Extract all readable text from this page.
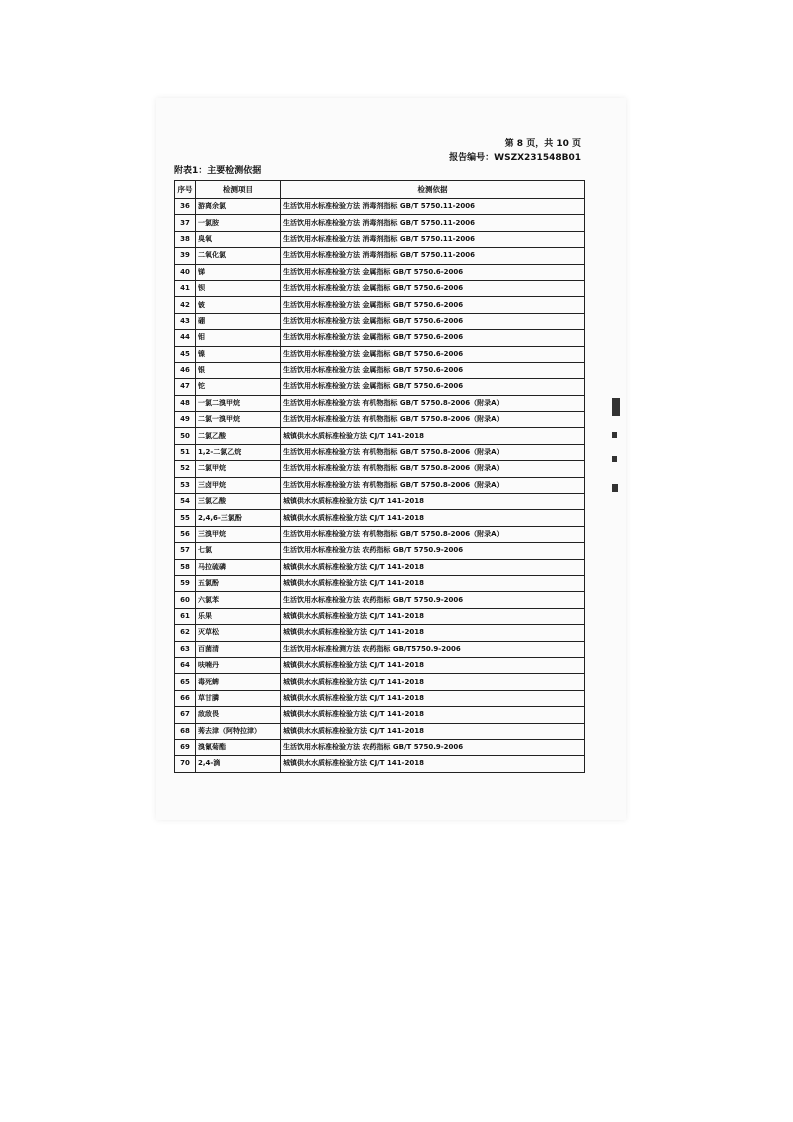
第 8 页，共 10 页
报告编号：WSZX231548B01
附表1：主要检测依据
序号	检测项目	检测依据
36	游离余氯	生活饮用水标准检验方法 消毒剂指标 GB/T 5750.11-2006
37	一氯胺	生活饮用水标准检验方法 消毒剂指标 GB/T 5750.11-2006
38	臭氧	生活饮用水标准检验方法 消毒剂指标 GB/T 5750.11-2006
39	二氧化氯	生活饮用水标准检验方法 消毒剂指标 GB/T 5750.11-2006
40	锑	生活饮用水标准检验方法 金属指标 GB/T 5750.6-2006
41	钡	生活饮用水标准检验方法 金属指标 GB/T 5750.6-2006
42	铍	生活饮用水标准检验方法 金属指标 GB/T 5750.6-2006
43	硼	生活饮用水标准检验方法 金属指标 GB/T 5750.6-2006
44	钼	生活饮用水标准检验方法 金属指标 GB/T 5750.6-2006
45	镍	生活饮用水标准检验方法 金属指标 GB/T 5750.6-2006
46	银	生活饮用水标准检验方法 金属指标 GB/T 5750.6-2006
47	铊	生活饮用水标准检验方法 金属指标 GB/T 5750.6-2006
48	一氯二溴甲烷	生活饮用水标准检验方法 有机物指标 GB/T 5750.8-2006（附录A）
49	二氯一溴甲烷	生活饮用水标准检验方法 有机物指标 GB/T 5750.8-2006（附录A）
50	二氯乙酸	城镇供水水质标准检验方法 CJ/T 141-2018
51	1,2-二氯乙烷	生活饮用水标准检验方法 有机物指标 GB/T 5750.8-2006（附录A）
52	二氯甲烷	生活饮用水标准检验方法 有机物指标 GB/T 5750.8-2006（附录A）
53	三卤甲烷	生活饮用水标准检验方法 有机物指标 GB/T 5750.8-2006（附录A）
54	三氯乙酸	城镇供水水质标准检验方法 CJ/T 141-2018
55	2,4,6-三氯酚	城镇供水水质标准检验方法 CJ/T 141-2018
56	三溴甲烷	生活饮用水标准检验方法 有机物指标 GB/T 5750.8-2006（附录A）
57	七氯	生活饮用水标准检验方法 农药指标 GB/T 5750.9-2006
58	马拉硫磷	城镇供水水质标准检验方法 CJ/T 141-2018
59	五氯酚	城镇供水水质标准检验方法 CJ/T 141-2018
60	六氯苯	生活饮用水标准检验方法 农药指标 GB/T 5750.9-2006
61	乐果	城镇供水水质标准检验方法 CJ/T 141-2018
62	灭草松	城镇供水水质标准检验方法 CJ/T 141-2018
63	百菌清	生活饮用水标准检测方法 农药指标 GB/T5750.9-2006
64	呋喃丹	城镇供水水质标准检验方法 CJ/T 141-2018
65	毒死蜱	城镇供水水质标准检验方法 CJ/T 141-2018
66	草甘膦	城镇供水水质标准检验方法 CJ/T 141-2018
67	敌敌畏	城镇供水水质标准检验方法 CJ/T 141-2018
68	莠去津（阿特拉津）	城镇供水水质标准检验方法 CJ/T 141-2018
69	溴氰菊酯	生活饮用水标准检验方法 农药指标 GB/T 5750.9-2006
70	2,4-滴	城镇供水水质标准检验方法 CJ/T 141-2018
